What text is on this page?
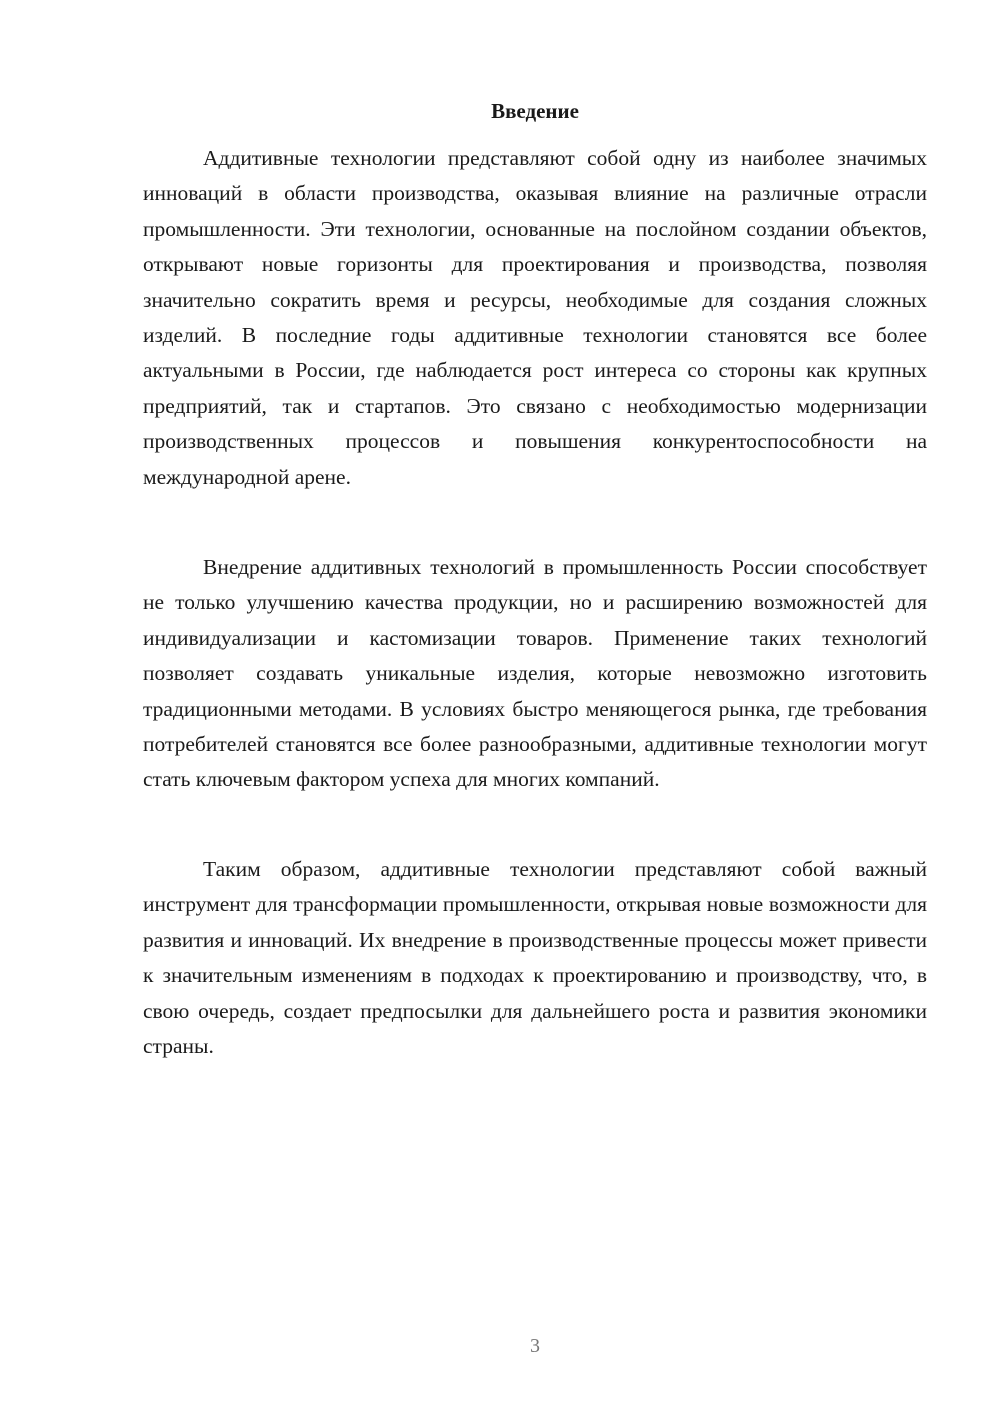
Введение

Аддитивные технологии представляют собой одну из наиболее значимых инноваций в области производства, оказывая влияние на различные отрасли промышленности. Эти технологии, основанные на послойном создании объектов, открывают новые горизонты для проектирования и производства, позволяя значительно сократить время и ресурсы, необходимые для создания сложных изделий. В последние годы аддитивные технологии становятся все более актуальными в России, где наблюдается рост интереса со стороны как крупных предприятий, так и стартапов. Это связано с необходимостью модернизации производственных процессов и повышения конкурентоспособности на международной арене.

Внедрение аддитивных технологий в промышленность России способствует не только улучшению качества продукции, но и расширению возможностей для индивидуализации и кастомизации товаров. Применение таких технологий позволяет создавать уникальные изделия, которые невозможно изготовить традиционными методами. В условиях быстро меняющегося рынка, где требования потребителей становятся все более разнообразными, аддитивные технологии могут стать ключевым фактором успеха для многих компаний.

Таким образом, аддитивные технологии представляют собой важный инструмент для трансформации промышленности, открывая новые возможности для развития и инноваций. Их внедрение в производственные процессы может привести к значительным изменениям в подходах к проектированию и производству, что, в свою очередь, создает предпосылки для дальнейшего роста и развития экономики страны.

3
